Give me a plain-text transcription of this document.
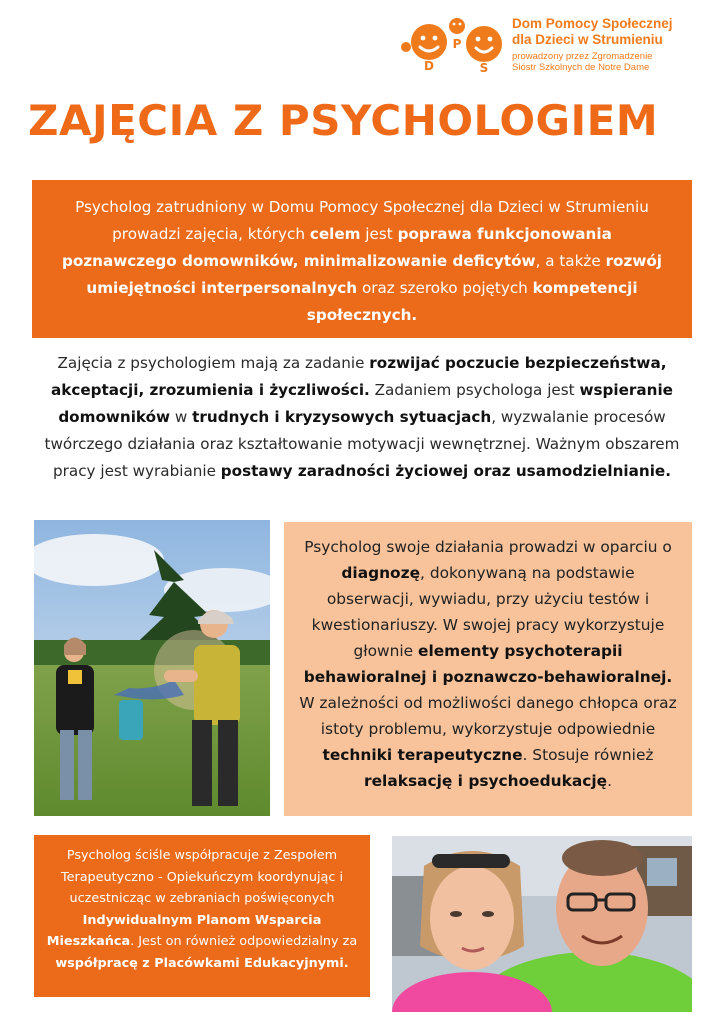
D
P
S
Dom Pomocy Społecznej
dla Dzieci w Strumieniu
prowadzony przez Zgromadzenie
Sióstr Szkolnych de Notre Dame
ZAJĘCIA Z PSYCHOLOGIEM
Psycholog zatrudniony w Domu Pomocy Społecznej dla Dzieci w Strumieniu prowadzi zajęcia, których celem jest poprawa funkcjonowania poznawczego domowników, minimalizowanie deficytów, a także rozwój umiejętności interpersonalnych oraz szeroko pojętych kompetencji społecznych.
Zajęcia z psychologiem mają za zadanie rozwijać poczucie bezpieczeństwa, akceptacji, zrozumienia i życzliwości. Zadaniem psychologa jest wspieranie domowników w trudnych i kryzysowych sytuacjach, wyzwalanie procesów twórczego działania oraz kształtowanie motywacji wewnętrznej. Ważnym obszarem pracy jest wyrabianie postawy zaradności życiowej oraz usamodzielnianie.
Psycholog swoje działania prowadzi w oparciu o diagnozę, dokonywaną na podstawie obserwacji, wywiadu, przy użyciu testów i kwestionariuszy. W swojej pracy wykorzystuje głownie elementy psychoterapii behawioralnej i poznawczo-behawioralnej. W zależności od możliwości danego chłopca oraz istoty problemu, wykorzystuje odpowiednie techniki terapeutyczne. Stosuje również relaksację i psychoedukację.
Psycholog ściśle współpracuje z Zespołem Terapeutyczno - Opiekuńczym koordynując i uczestnicząc w zebraniach poświęconych Indywidualnym Planom Wsparcia Mieszkańca. Jest on również odpowiedzialny za współpracę z Placówkami Edukacyjnymi.
